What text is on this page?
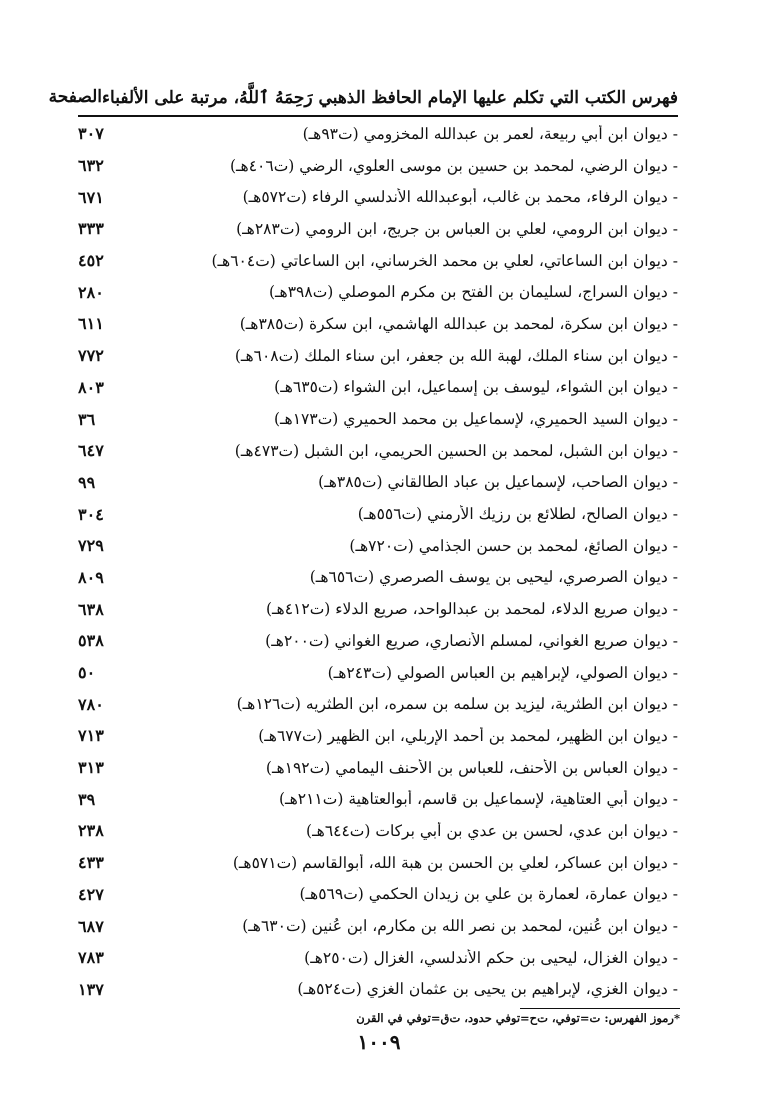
فهرس الكتب التي تكلم عليها الإمام الحافظ الذهبي رَحِمَهُ ٱللَّهُ، مرتبة على الألفباء
الصفحة
- ديوان ابن أبي ربيعة، لعمر بن عبدالله المخزومي (ت٩٣هـ)
٣٠٧
- ديوان الرضي، لمحمد بن حسين بن موسى العلوي، الرضي (ت٤٠٦هـ)
٦٣٢
- ديوان الرفاء، محمد بن غالب، أبوعبدالله الأندلسي الرفاء (ت٥٧٢هـ)
٦٧١
- ديوان ابن الرومي، لعلي بن العباس بن جريج، ابن الرومي (ت٢٨٣هـ)
٣٣٣
- ديوان ابن الساعاتي، لعلي بن محمد الخرساني، ابن الساعاتي (ت٦٠٤هـ)
٤٥٢
- ديوان السراج، لسليمان بن الفتح بن مكرم الموصلي (ت٣٩٨هـ)
٢٨٠
- ديوان ابن سكرة، لمحمد بن عبدالله الهاشمي، ابن سكرة (ت٣٨٥هـ)
٦١١
- ديوان ابن سناء الملك، لهبة الله بن جعفر، ابن سناء الملك (ت٦٠٨هـ)
٧٧٢
- ديوان ابن الشواء، ليوسف بن إسماعيل، ابن الشواء (ت٦٣٥هـ)
٨٠٣
- ديوان السيد الحميري، لإسماعيل بن محمد الحميري (ت١٧٣هـ)
٣٦
- ديوان ابن الشبل، لمحمد بن الحسين الحريمي، ابن الشبل (ت٤٧٣هـ)
٦٤٧
- ديوان الصاحب، لإسماعيل بن عباد الطالقاني (ت٣٨٥هـ)
٩٩
- ديوان الصالح، لطلائع بن رزيك الأرمني (ت٥٥٦هـ)
٣٠٤
- ديوان الصائغ، لمحمد بن حسن الجذامي (ت٧٢٠هـ)
٧٢٩
- ديوان الصرصري، ليحيى بن يوسف الصرصري (ت٦٥٦هـ)
٨٠٩
- ديوان صريع الدلاء، لمحمد بن عبدالواحد، صريع الدلاء (ت٤١٢هـ)
٦٣٨
- ديوان صريع الغواني، لمسلم الأنصاري، صريع الغواني (ت٢٠٠هـ)
٥٣٨
- ديوان الصولي، لإبراهيم بن العباس الصولي (ت٢٤٣هـ)
٥٠
- ديوان ابن الطثرية، ليزيد بن سلمه بن سمره، ابن الطثريه (ت١٢٦هـ)
٧٨٠
- ديوان ابن الظهير، لمحمد بن أحمد الإربلي، ابن الظهير (ت٦٧٧هـ)
٧١٣
- ديوان العباس بن الأحنف، للعباس بن الأحنف اليمامي (ت١٩٢هـ)
٣١٣
- ديوان أبي العتاهية، لإسماعيل بن قاسم، أبوالعتاهية (ت٢١١هـ)
٣٩
- ديوان ابن عدي، لحسن بن عدي بن أبي بركات (ت٦٤٤هـ)
٢٣٨
- ديوان ابن عساكر، لعلي بن الحسن بن هبة الله، أبوالقاسم (ت٥٧١هـ)
٤٣٣
- ديوان عمارة، لعمارة بن علي بن زيدان الحكمي (ت٥٦٩هـ)
٤٢٧
- ديوان ابن عُنين، لمحمد بن نصر الله بن مكارم، ابن عُنين (ت٦٣٠هـ)
٦٨٧
- ديوان الغزال، ليحيى بن حكم الأندلسي، الغزال (ت٢٥٠هـ)
٧٨٣
- ديوان الغزي، لإبراهيم بن يحيى بن عثمان الغزي (ت٥٢٤هـ)
١٣٧
*رموز الفهرس: ت=توفي، ت‌ح=توفي حدود، ت‌ق=توفي في القرن
١٠٠٩
